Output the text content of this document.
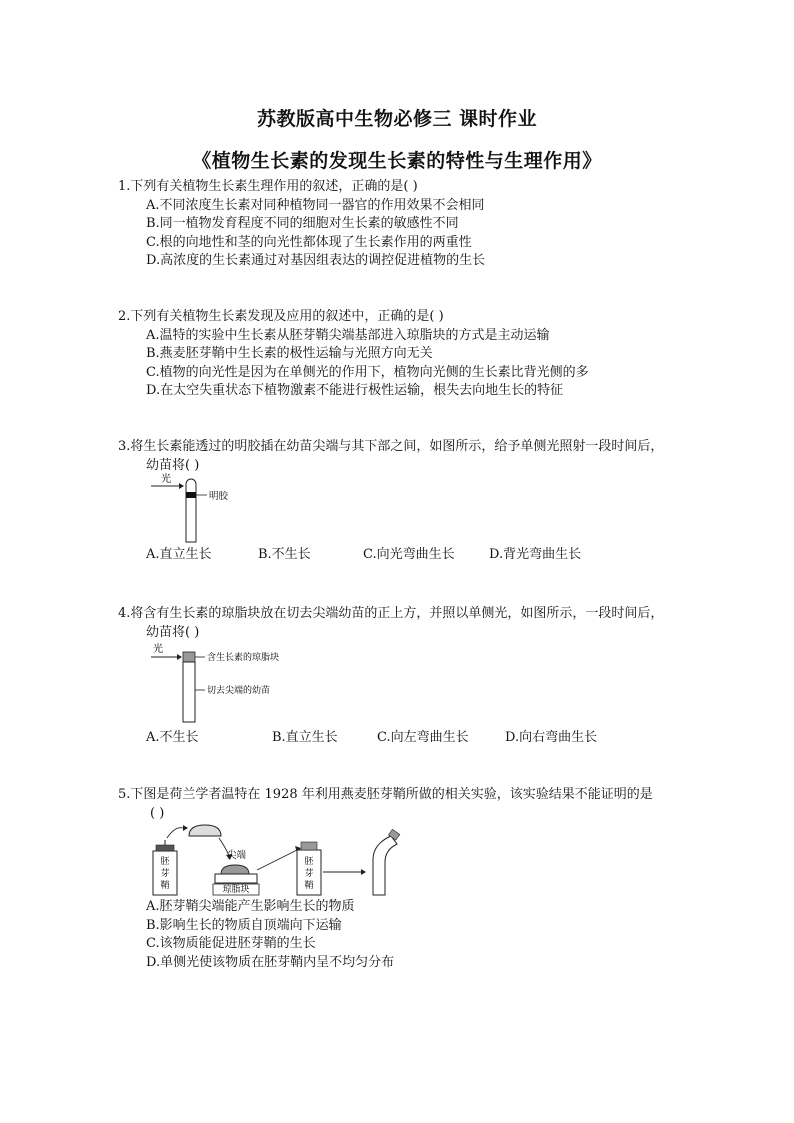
苏教版高中生物必修三 课时作业
《植物生长素的发现生长素的特性与生理作用》

1.下列有关植物生长素生理作用的叙述，正确的是( )

A.不同浓度生长素对同种植物同一器官的作用效果不会相同

B.同一植物发育程度不同的细胞对生长素的敏感性不同

C.根的向地性和茎的向光性都体现了生长素作用的两重性

D.高浓度的生长素通过对基因组表达的调控促进植物的生长

2.下列有关植物生长素发现及应用的叙述中，正确的是( )

A.温特的实验中生长素从胚芽鞘尖端基部进入琼脂块的方式是主动运输

B.燕麦胚芽鞘中生长素的极性运输与光照方向无关

C.植物的向光性是因为在单侧光的作用下，植物向光侧的生长素比背光侧的多

D.在太空失重状态下植物激素不能进行极性运输，根失去向地生长的特征

3.将生长素能透过的明胶插在幼苗尖端与其下部之间，如图所示，给予单侧光照射一段时间后，

幼苗将( )

光
明胶
A.直立生长	B.不生长	C.向光弯曲生长	D.背光弯曲生长

4.将含有生长素的琼脂块放在切去尖端幼苗的正上方，并照以单侧光，如图所示，一段时间后，

幼苗将( )

光
含生长素的琼脂块
切去尖端的幼苗
A.不生长	B.直立生长	C.向左弯曲生长	D.向右弯曲生长

5.下图是荷兰学者温特在 1928 年利用燕麦胚芽鞘所做的相关实验，该实验结果不能证明的是

( )

胚
芽
鞘
尖端
琼脂块
胚
芽
鞘

A.胚芽鞘尖端能产生影响生长的物质

B.影响生长的物质自顶端向下运输

C.该物质能促进胚芽鞘的生长

D.单侧光使该物质在胚芽鞘内呈不均匀分布
